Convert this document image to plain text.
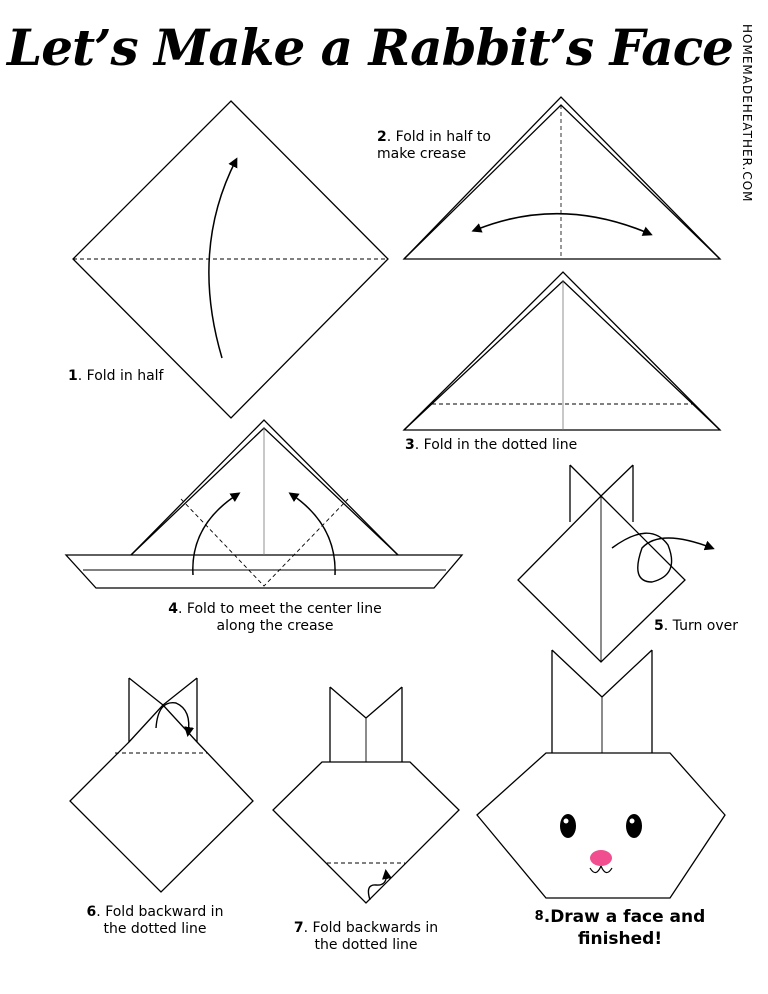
Let’s Make a Rabbit’s Face HOMEMADEHEATHER.COM
1. Fold in half
2. Fold in half to make crease
3. Fold in the dotted line
4. Fold to meet the center line along the crease	5. Turn over
6. Fold backward in the dotted line	7. Fold backwards in the dotted line
$^8$.Draw a face and finished!
